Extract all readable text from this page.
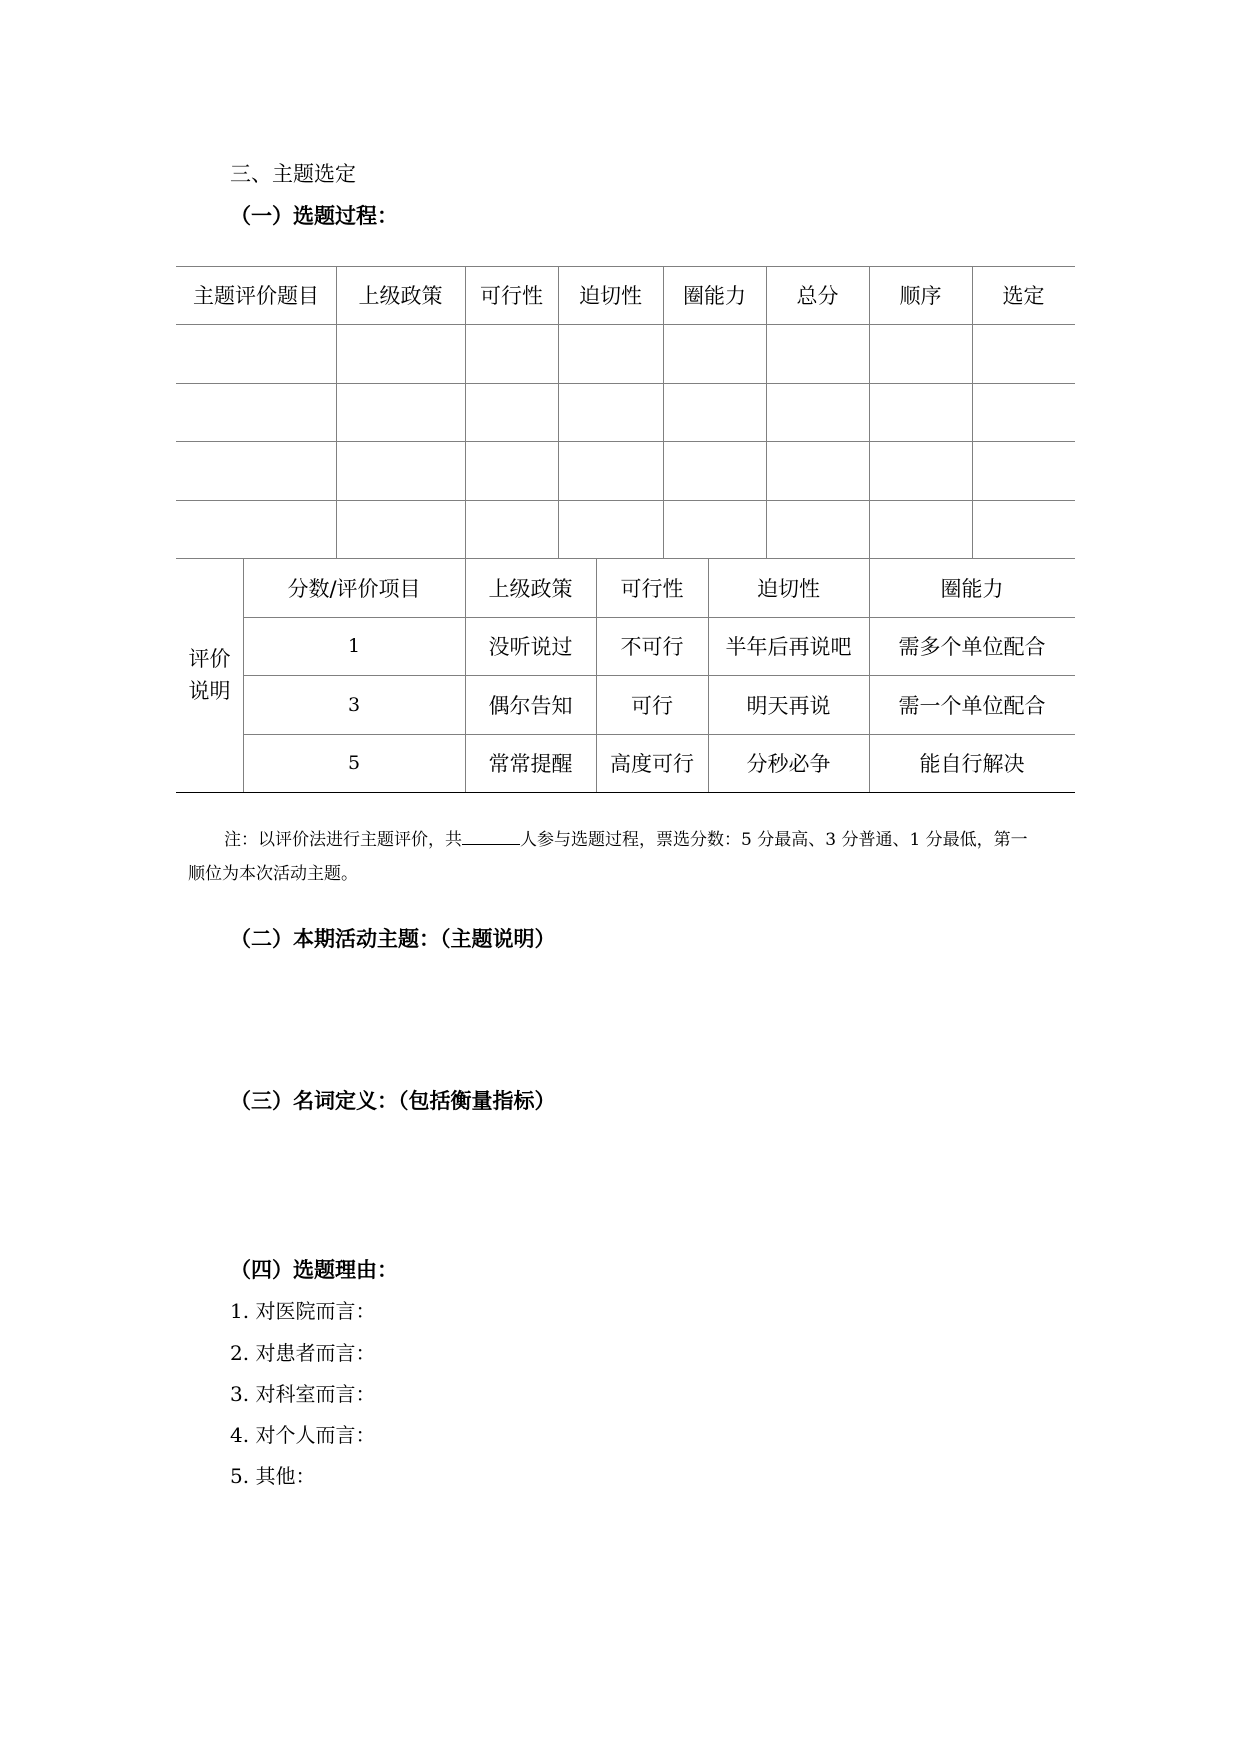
三、主题选定
（一）选题过程：
主题评价题目	上级政策	可行性	迫切性	圈能力	总分	顺序	选定
评价
说明
分数/评价项目	上级政策	可行性	迫切性	圈能力
1	没听说过	不可行	半年后再说吧	需多个单位配合
3	偶尔告知	可行	明天再说	需一个单位配合
5	常常提醒	高度可行	分秒必争	能自行解决
注：以评价法进行主题评价，共	人参与选题过程，票选分数：5 分最高、3 分普通、1 分最低，第一
顺位为本次活动主题。
（二）本期活动主题：（主题说明）
（三）名词定义：（包括衡量指标）
（四）选题理由：
1. 对医院而言：
2. 对患者而言：
3. 对科室而言：
4. 对个人而言：
5. 其他：
